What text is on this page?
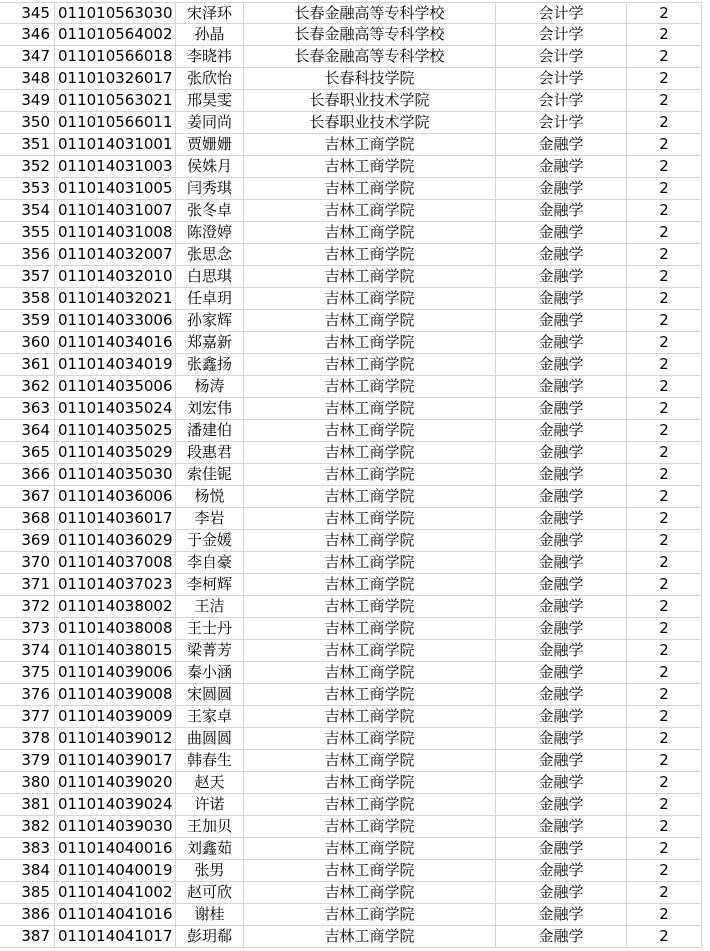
345 011010563030 宋泽环	长春金融高等专科学校	会计学	2
346 011010564002	孙晶	长春金融高等专科学校	会计学	2
347 011010566018 李晓祎	长春金融高等专科学校	会计学	2
348 011010326017 张欣怡	长春科技学院	会计学	2
349 011010563021 邢昊雯	长春职业技术学院	会计学	2
350 011010566011 姜同尚	长春职业技术学院	会计学	2
351 011014031001 贾姗姗	吉林工商学院	金融学	2
352 011014031003 侯姝月	吉林工商学院	金融学	2
353 011014031005 闫秀琪	吉林工商学院	金融学	2
354 011014031007 张冬卓	吉林工商学院	金融学	2
355 011014031008 陈澄婷	吉林工商学院	金融学	2
356 011014032007 张思念	吉林工商学院	金融学	2
357 011014032010 白思琪	吉林工商学院	金融学	2
358 011014032021 任卓玥	吉林工商学院	金融学	2
359 011014033006 孙家辉	吉林工商学院	金融学	2
360 011014034016 郑嘉新	吉林工商学院	金融学	2
361 011014034019 张鑫扬	吉林工商学院	金融学	2
362 011014035006	杨涛	吉林工商学院	金融学	2
363 011014035024 刘宏伟	吉林工商学院	金融学	2
364 011014035025 潘建伯	吉林工商学院	金融学	2
365 011014035029 段惠君	吉林工商学院	金融学	2
366 011014035030 索佳铌	吉林工商学院	金融学	2
367 011014036006	杨悦	吉林工商学院	金融学	2
368 011014036017	李岩	吉林工商学院	金融学	2
369 011014036029 于金媛	吉林工商学院	金融学	2
370 011014037008 李自豪	吉林工商学院	金融学	2
371 011014037023 李柯辉	吉林工商学院	金融学	2
372 011014038002	王洁	吉林工商学院	金融学	2
373 011014038008 王士丹	吉林工商学院	金融学	2
374 011014038015 梁菁芳	吉林工商学院	金融学	2
375 011014039006 秦小涵	吉林工商学院	金融学	2
376 011014039008 宋圆圆	吉林工商学院	金融学	2
377 011014039009 王家卓	吉林工商学院	金融学	2
378 011014039012 曲圆圆	吉林工商学院	金融学	2
379 011014039017 韩春生	吉林工商学院	金融学	2
380 011014039020	赵天	吉林工商学院	金融学	2
381 011014039024	许诺	吉林工商学院	金融学	2
382 011014039030 王加贝	吉林工商学院	金融学	2
383 011014040016 刘鑫茹	吉林工商学院	金融学	2
384 011014040019	张男	吉林工商学院	金融学	2
385 011014041002 赵可欣	吉林工商学院	金融学	2
386 011014041016	谢桂	吉林工商学院	金融学	2
387 011014041017 彭玥郗	吉林工商学院	金融学	2
